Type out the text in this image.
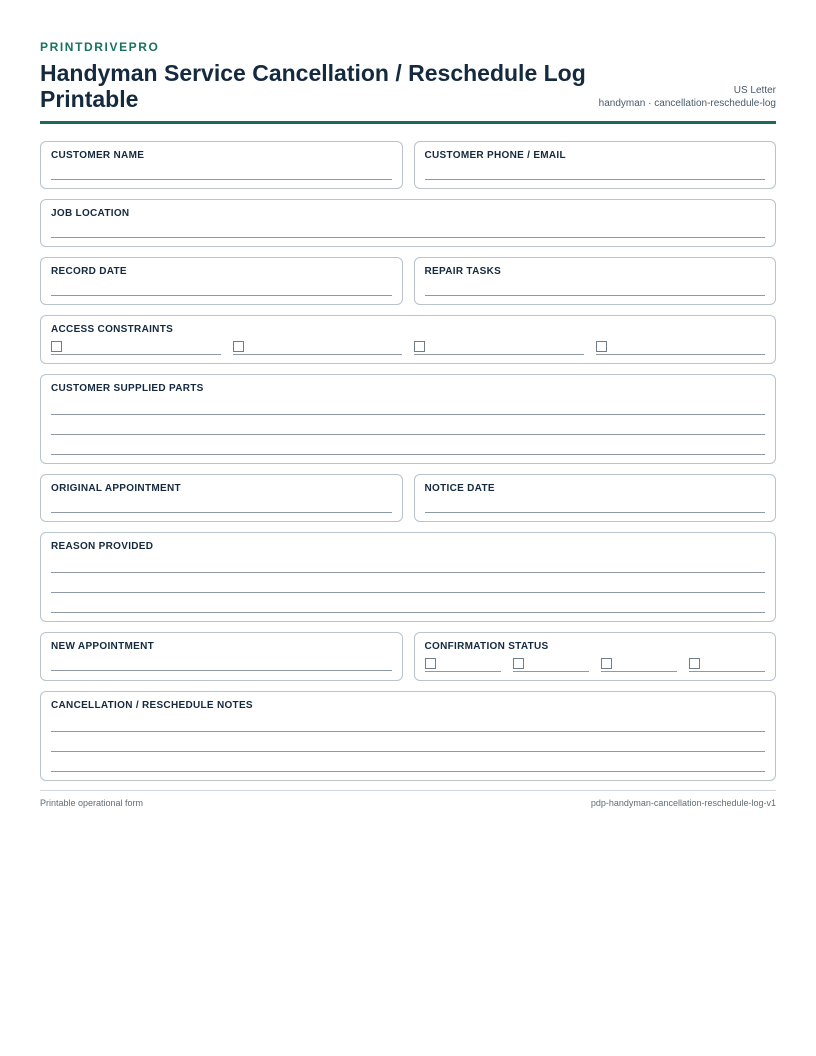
PRINTDRIVEPRO
Handyman Service Cancellation / Reschedule Log Printable	US Letter
handyman · cancellation-reschedule-log
CUSTOMER NAME	CUSTOMER PHONE / EMAIL
JOB LOCATION
RECORD DATE	REPAIR TASKS
ACCESS CONSTRAINTS
CUSTOMER SUPPLIED PARTS
ORIGINAL APPOINTMENT	NOTICE DATE
REASON PROVIDED
NEW APPOINTMENT	CONFIRMATION STATUS
CANCELLATION / RESCHEDULE NOTES
Printable operational form	pdp-handyman-cancellation-reschedule-log-v1
